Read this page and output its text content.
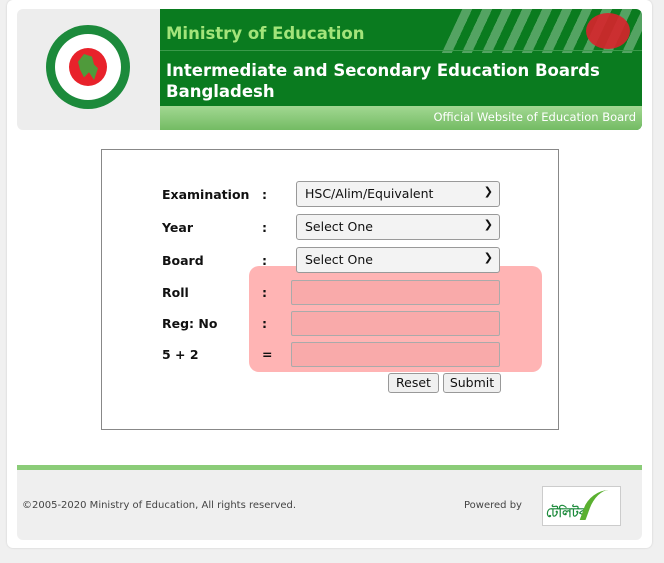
Ministry of Education
Intermediate and Secondary Education Boards Bangladesh
Official Website of Education Board
Examination :	HSC/Alim/Equivalent	❯
Year	:	Select One	❯
Board	:	Select One	❯
Roll	:
Reg: No	:
5 + 2	=
Reset	Submit
©2005-2020 Ministry of Education, All rights reserved.	Powered by
টেলিটক
